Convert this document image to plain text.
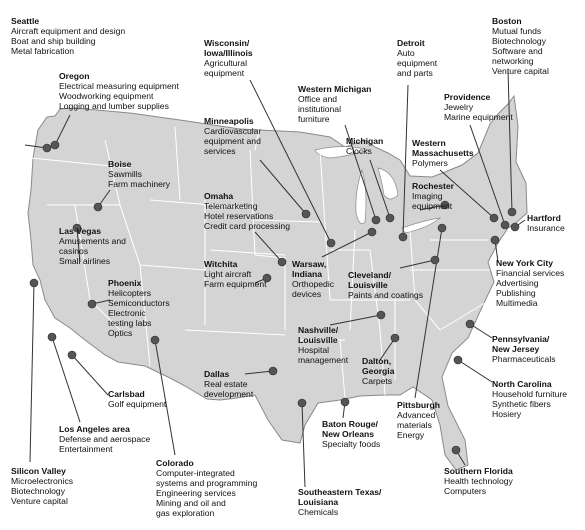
Seattle
Aircraft equipment and design
Boat and ship building
Metal fabrication
Oregon
Electrical measuring equipment
Woodworking equipment
Logging and lumber supplies
Boise
Sawmills
Farm machinery
Las Vegas
Amusements and
casinos
Small airlines
Phoenix
Helicopters
Semiconductors
Electronic
testing labs
Optics
Carlsbad
Golf equipment
Los Angeles area
Defense and aerospace
Entertainment
Silicon Valley
Microelectronics
Biotechnology
Venture capital
Wisconsin/
Iowa/Illinois
Agricultural
equipment
Minneapolis
Cardiovascular
equipment and
services
Omaha
Telemarketing
Hotel reservations
Credit card processing
Witchita
Light aircraft
Farm equipment
Dallas
Real estate
development
Colorado
Computer-integrated
systems and programming
Engineering services
Mining and oil and
gas exploration
Western Michigan
Office and
institutional
furniture
Detroit
Auto
equipment
and parts
Michigan
Clocks
Warsaw,
Indiana
Orthopedic
devices
Cleveland/
Louisville
Paints and coatings
Nashville/
Louisville
Hospital
management Dalton,
Georgia
Carpets
Baton Rouge/
New Orleans
Specialty foods
Southeastern Texas/
Louisiana
Chemicals
Pittsburgh
Advanced
materials
Energy
Boston
Mutual funds
Biotechnology
Software and
networking
Venture capital
Providence
Jewelry
Marine equipment
Western
Massachusetts
Polymers
Rochester
Imaging
equipment
Hartford
Insurance
New York City
Financial services
Advertising
Publishing
Multimedia
Pennsylvania/
New Jersey
Pharmaceuticals
North Carolina
Household furniture
Synthetic fibers
Hosiery
Southern Florida
Health technology
Computers
